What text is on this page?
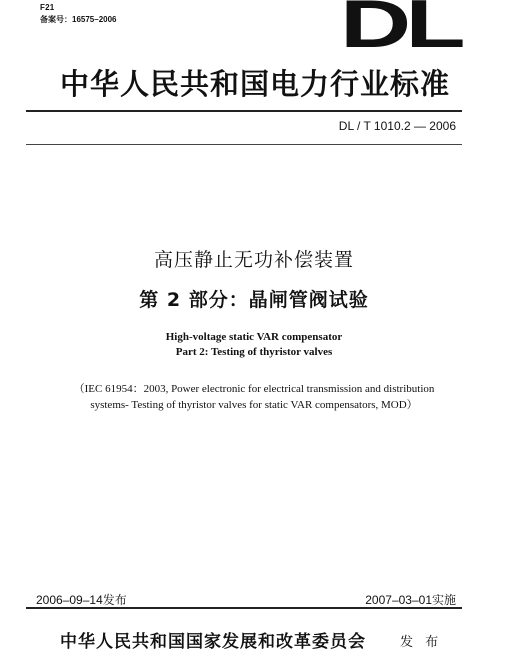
F21
备案号：16575–2006	DL
中华人民共和国电力行业标准
DL / T 1010.2 — 2006
高压静止无功补偿装置
第 2 部分：晶闸管阀试验
High-voltage static VAR compensator
Part 2: Testing of thyristor valves
（IEC 61954：2003, Power electronic for electrical transmission and distribution
systems- Testing of thyristor valves for static VAR compensators, MOD）
2006–09–14发布	2007–03–01实施
中华人民共和国国家发展和改革委员会	发 布
